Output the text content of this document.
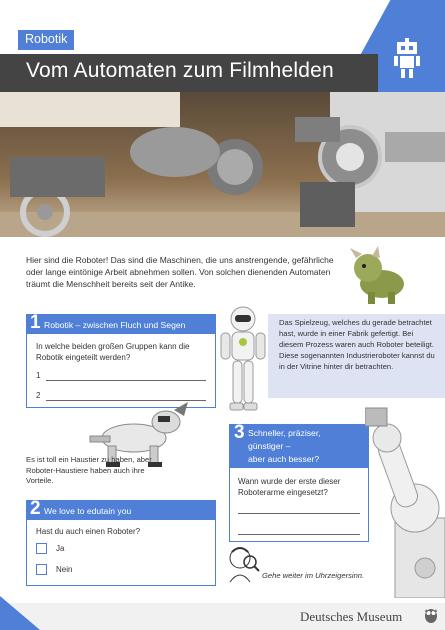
Robotik
Vom Automaten zum Filmhelden

Hier sind die Roboter! Das sind die Maschinen, die uns anstrengende, gefährliche oder lange eintönige Arbeit abnehmen sollen. Von solchen dienenden Automaten träumt die Menschheit bereits seit der Antike.

1 Robotik – zwischen Fluch und Segen

In welche beiden großen Gruppen kann die Robotik eingeteilt werden?

1
2

Das Spielzeug, welches du gerade betrachtet hast, wurde in einer Fabrik gefertigt. Bei diesem Prozess waren auch Roboter beteiligt. Diese sogenannten Industrieroboter kannst du in der Vitrine hinter dir betrachten.

Es ist toll ein Haustier zu haben, aber Roboter-Haustiere haben auch ihre Vorteile.

2 We love to edutain you

Hast du auch einen Roboter?

Ja
Nein
3 Schneller, präziser,
günstiger –
aber auch besser?

Wann wurde der erste dieser Roboterarme eingesetzt?

Gehe weiter im Uhrzeigersinn.
Deutsches Museum
